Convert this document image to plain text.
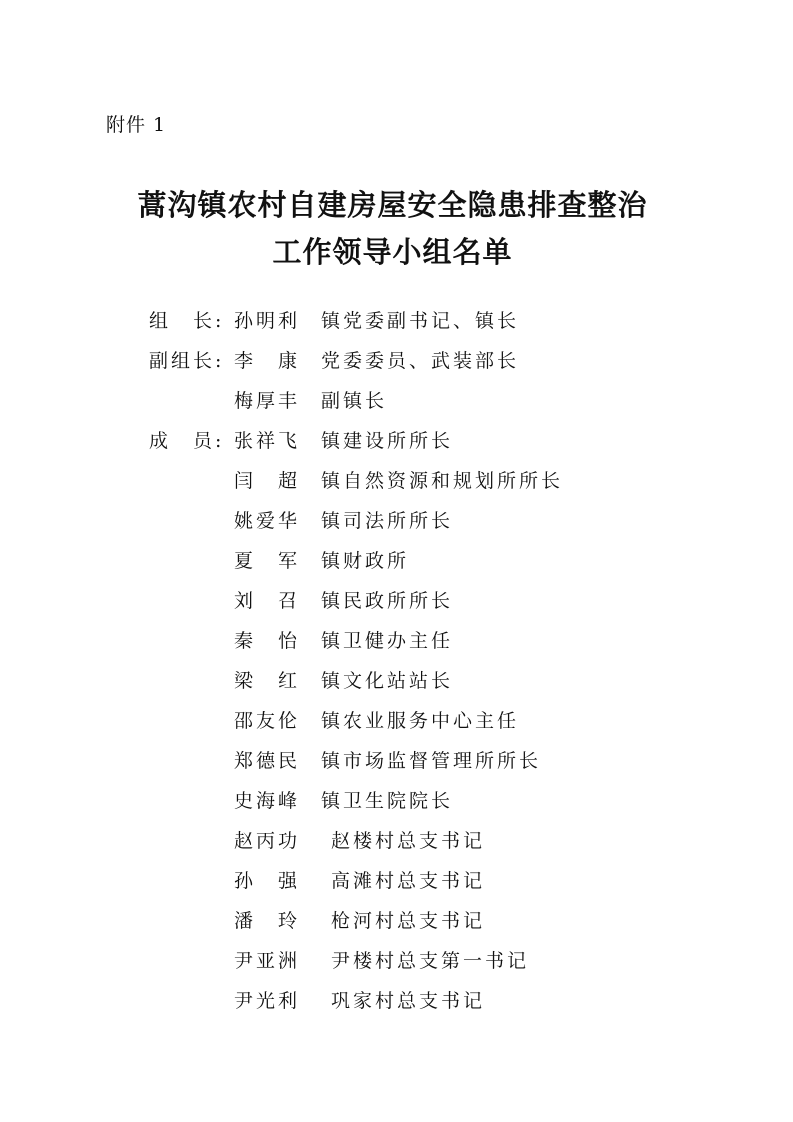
附件 1
蒿沟镇农村自建房屋安全隐患排查整治
工作领导小组名单
组　长: 孙明利 镇党委副书记、镇长
副组长: 李　康 党委委员、武装部长
梅厚丰 副镇长
成　员: 张祥飞 镇建设所所长
闫　超 镇自然资源和规划所所长
姚爱华 镇司法所所长
夏　军 镇财政所
刘　召 镇民政所所长
秦　怡 镇卫健办主任
梁　红 镇文化站站长
邵友伦 镇农业服务中心主任
郑德民 镇市场监督管理所所长
史海峰 镇卫生院院长
赵丙功 赵楼村总支书记
孙　强 高滩村总支书记
潘　玲 枪河村总支书记
尹亚洲 尹楼村总支第一书记
尹光利 巩家村总支书记
